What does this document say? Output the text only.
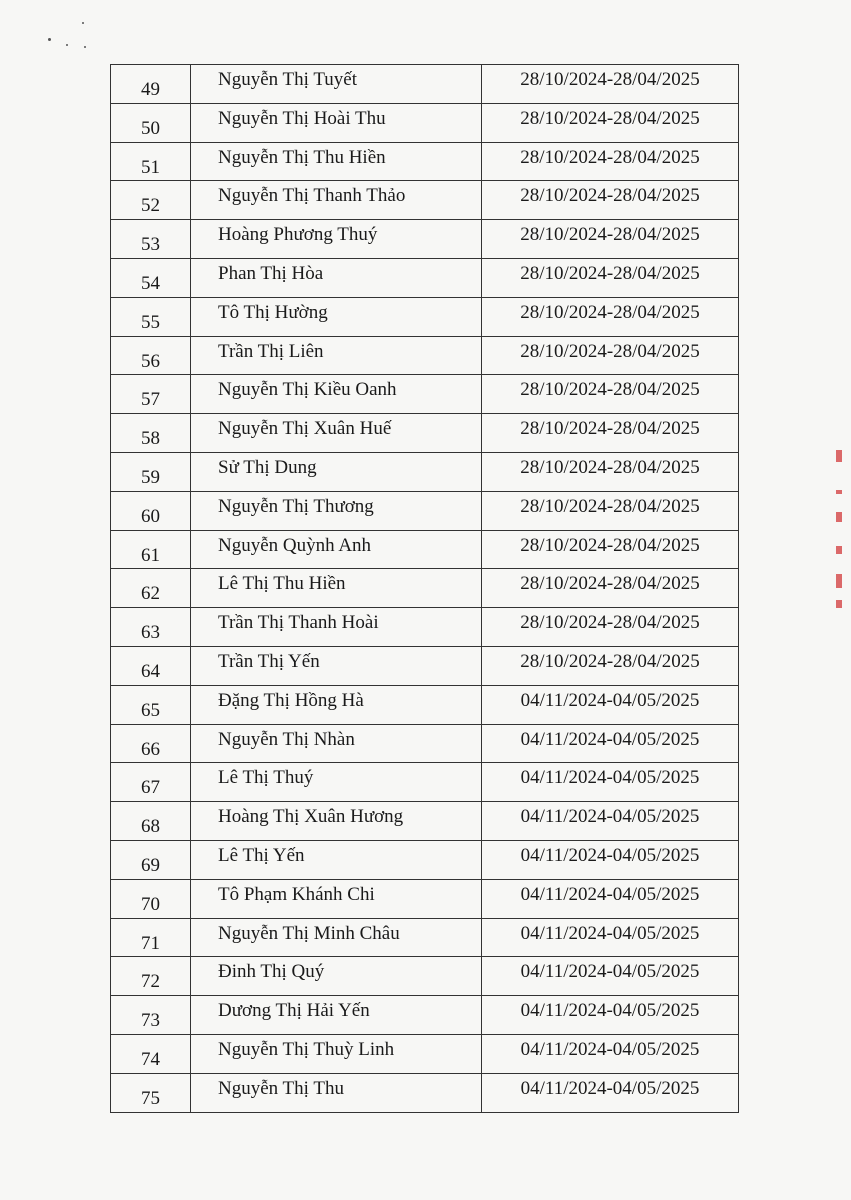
49	Nguyễn Thị Tuyết	28/10/2024-28/04/2025
50	Nguyễn Thị Hoài Thu	28/10/2024-28/04/2025
51	Nguyễn Thị Thu Hiền	28/10/2024-28/04/2025
52	Nguyễn Thị Thanh Thảo	28/10/2024-28/04/2025
53	Hoàng Phương Thuý	28/10/2024-28/04/2025
54	Phan Thị Hòa	28/10/2024-28/04/2025
55	Tô Thị Hường	28/10/2024-28/04/2025
56	Trần Thị Liên	28/10/2024-28/04/2025
57	Nguyễn Thị Kiều Oanh	28/10/2024-28/04/2025
58	Nguyễn Thị Xuân Huế	28/10/2024-28/04/2025
59	Sử Thị Dung	28/10/2024-28/04/2025
60	Nguyễn Thị Thương	28/10/2024-28/04/2025
61	Nguyễn Quỳnh Anh	28/10/2024-28/04/2025
62	Lê Thị Thu Hiền	28/10/2024-28/04/2025
63	Trần Thị Thanh Hoài	28/10/2024-28/04/2025
64	Trần Thị Yến	28/10/2024-28/04/2025
65	Đặng Thị Hồng Hà	04/11/2024-04/05/2025
66	Nguyễn Thị Nhàn	04/11/2024-04/05/2025
67	Lê Thị Thuý	04/11/2024-04/05/2025
68	Hoàng Thị Xuân Hương	04/11/2024-04/05/2025
69	Lê Thị Yến	04/11/2024-04/05/2025
70	Tô Phạm Khánh Chi	04/11/2024-04/05/2025
71	Nguyễn Thị Minh Châu	04/11/2024-04/05/2025
72	Đinh Thị Quý	04/11/2024-04/05/2025
73	Dương Thị Hải Yến	04/11/2024-04/05/2025
74	Nguyễn Thị Thuỳ Linh	04/11/2024-04/05/2025
75	Nguyễn Thị Thu	04/11/2024-04/05/2025
